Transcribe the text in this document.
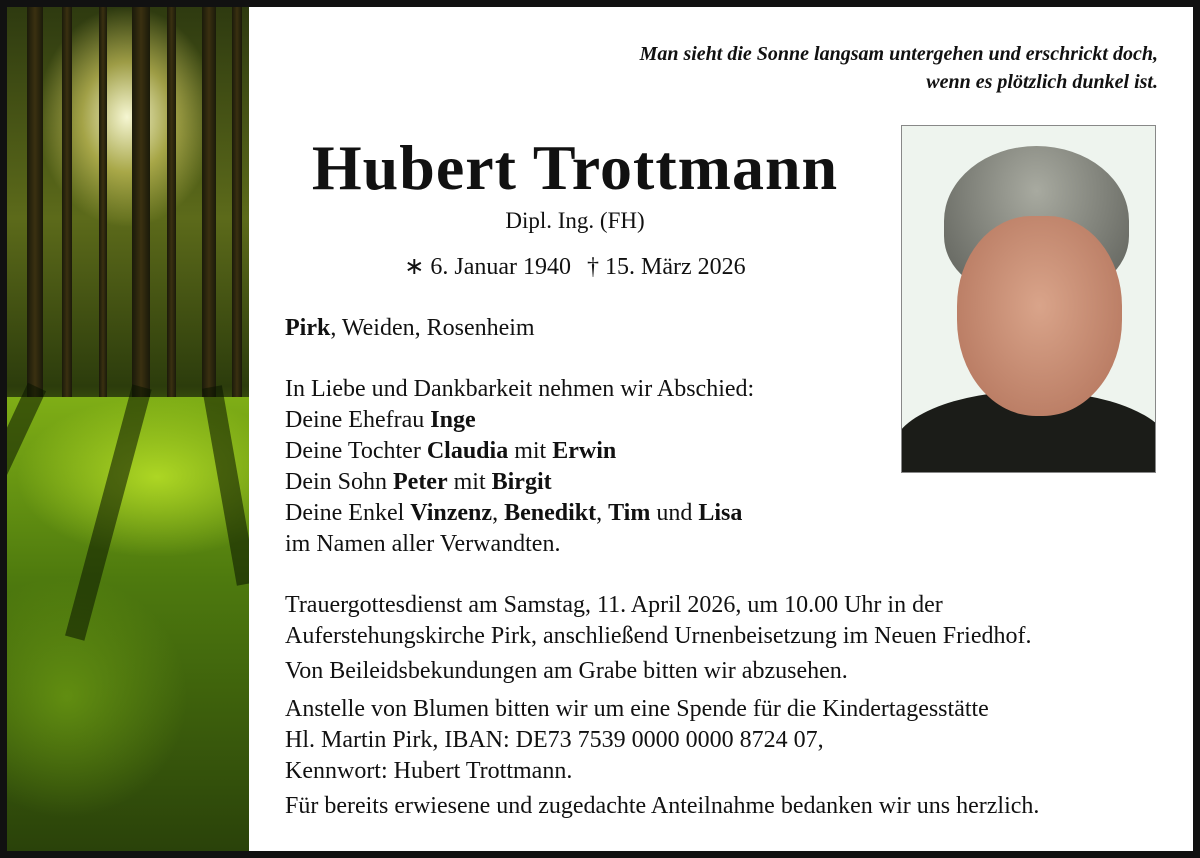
Man sieht die Sonne langsam untergehen und erschrickt doch,
wenn es plötzlich dunkel ist.
Hubert Trottmann
Dipl. Ing. (FH)
∗ 6. Januar 1940 † 15. März 2026

Pirk, Weiden, Rosenheim

In Liebe und Dankbarkeit nehmen wir Abschied:

Deine Ehefrau Inge

Deine Tochter Claudia mit Erwin

Dein Sohn Peter mit Birgit

Deine Enkel Vinzenz, Benedikt, Tim und Lisa

im Namen aller Verwandten.

Trauergottesdienst am Samstag, 11. April 2026, um 10.00 Uhr in der

Auferstehungskirche Pirk, anschließend Urnenbeisetzung im Neuen Friedhof.

Von Beileidsbekundungen am Grabe bitten wir abzusehen.

Anstelle von Blumen bitten wir um eine Spende für die Kindertagesstätte

Hl. Martin Pirk, IBAN: DE73 7539 0000 0000 8724 07,

Kennwort: Hubert Trottmann.

Für bereits erwiesene und zugedachte Anteilnahme bedanken wir uns herzlich.
